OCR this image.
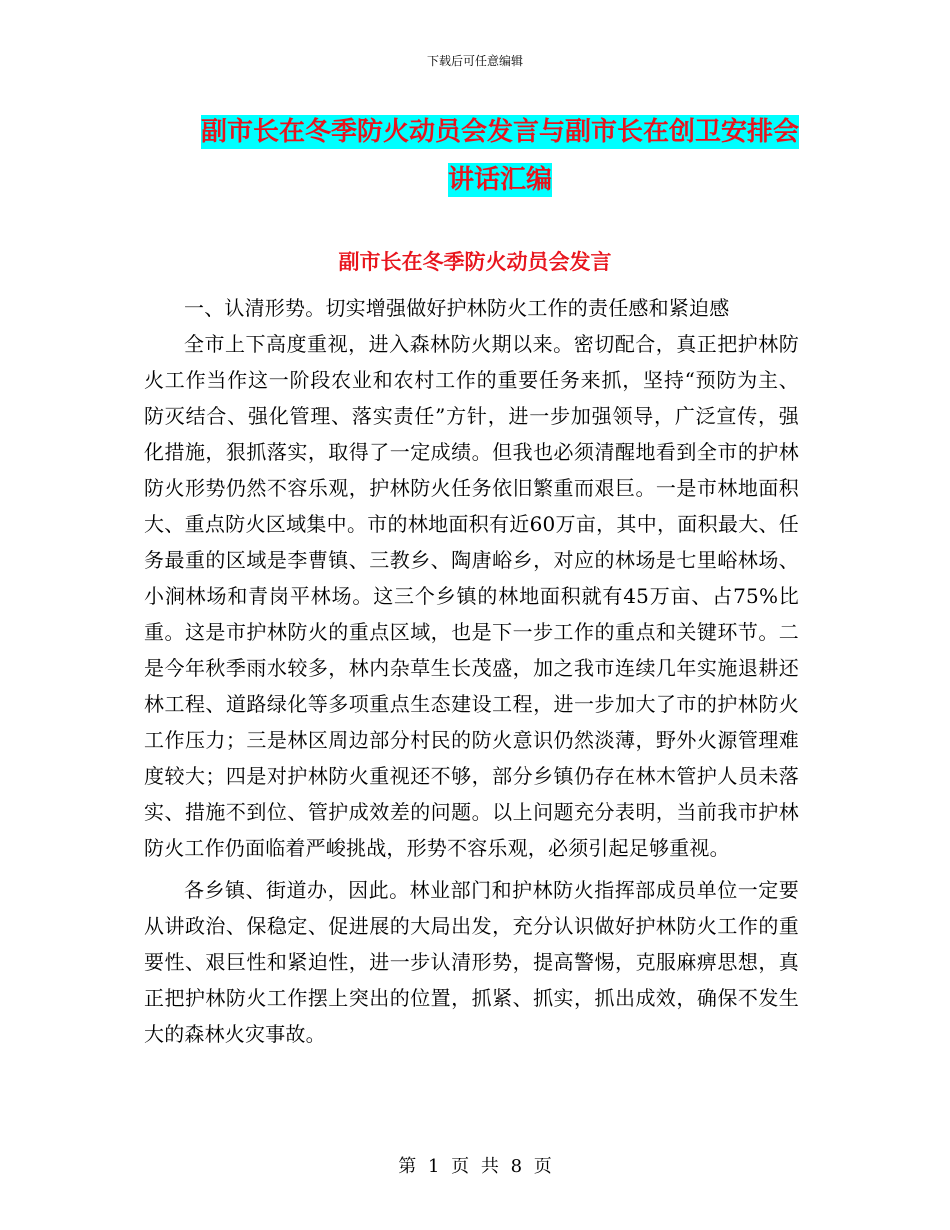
下载后可任意编辑
副市长在冬季防火动员会发言与副市长在创卫安排会
讲话汇编
副市长在冬季防火动员会发言

一、认清形势。切实增强做好护林防火工作的责任感和紧迫感

全市上下高度重视，进入森林防火期以来。密切配合，真正把护林防火工作当作这一阶段农业和农村工作的重要任务来抓，坚持“预防为主、防灭结合、强化管理、落实责任”方针，进一步加强领导，广泛宣传，强化措施，狠抓落实，取得了一定成绩。但我也必须清醒地看到全市的护林防火形势仍然不容乐观，护林防火任务依旧繁重而艰巨。一是市林地面积大、重点防火区域集中。市的林地面积有近60万亩，其中，面积最大、任务最重的区域是李曹镇、三教乡、陶唐峪乡，对应的林场是七里峪林场、小涧林场和青岗平林场。这三个乡镇的林地面积就有45万亩、占75%比重。这是市护林防火的重点区域，也是下一步工作的重点和关键环节。二是今年秋季雨水较多，林内杂草生长茂盛，加之我市连续几年实施退耕还林工程、道路绿化等多项重点生态建设工程，进一步加大了市的护林防火工作压力；三是林区周边部分村民的防火意识仍然淡薄，野外火源管理难度较大；四是对护林防火重视还不够，部分乡镇仍存在林木管护人员未落实、措施不到位、管护成效差的问题。以上问题充分表明，当前我市护林防火工作仍面临着严峻挑战，形势不容乐观，必须引起足够重视。

各乡镇、街道办，因此。林业部门和护林防火指挥部成员单位一定要从讲政治、保稳定、促进展的大局出发，充分认识做好护林防火工作的重要性、艰巨性和紧迫性，进一步认清形势，提高警惕，克服麻痹思想，真正把护林防火工作摆上突出的位置，抓紧、抓实，抓出成效，确保不发生大的森林火灾事故。

第 1 页 共 8 页
